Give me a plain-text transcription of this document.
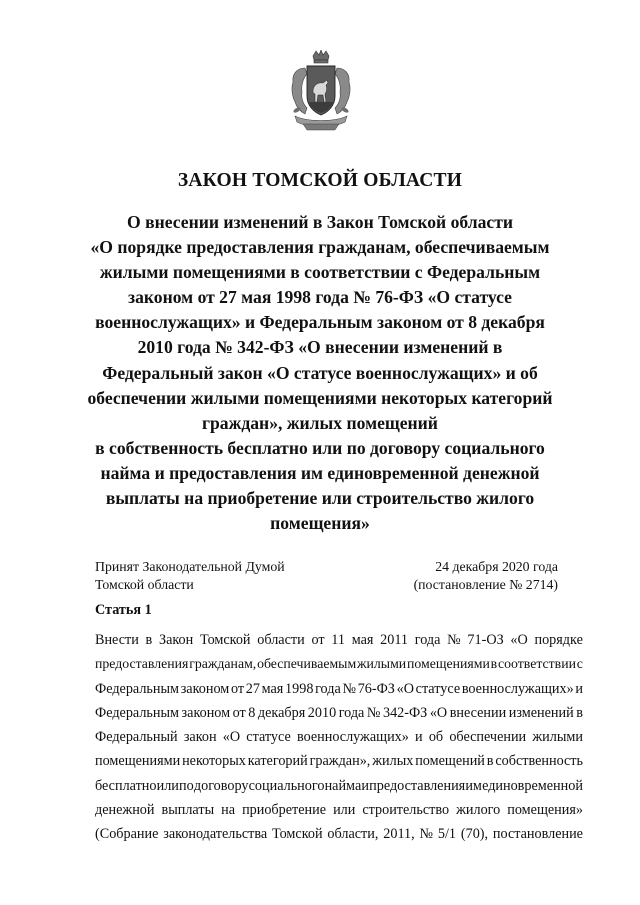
ЗАКОН ТОМСКОЙ ОБЛАСТИ
О внесении изменений в Закон Томской области
«О порядке предоставления гражданам, обеспечиваемым
жилыми помещениями в соответствии с Федеральным
законом от 27 мая 1998 года № 76-ФЗ «О статусе
военнослужащих» и Федеральным законом от 8 декабря
2010 года № 342-ФЗ «О внесении изменений в
Федеральный закон «О статусе военнослужащих» и об
обеспечении жилыми помещениями некоторых категорий
граждан», жилых помещений
в собственность бесплатно или по договору социального
найма и предоставления им единовременной денежной
выплаты на приобретение или строительство жилого
помещения»
Принят Законодательной Думой
Томской области
24 декабря 2020 года
(постановление № 2714)
Статья 1
Внести в Закон Томской области от 11 мая 2011 года № 71-ОЗ «О порядке
предоставления гражданам, обеспечиваемым жилыми помещениями в соответствии с
Федеральным законом от 27 мая 1998 года № 76-ФЗ «О статусе военнослужащих» и
Федеральным законом от 8 декабря 2010 года № 342-ФЗ «О внесении изменений в
Федеральный закон «О статусе военнослужащих» и об обеспечении жилыми
помещениями некоторых категорий граждан», жилых помещений в собственность
бесплатно или по договору социального найма и предоставления им единовременной
денежной выплаты на приобретение или строительство жилого помещения»
(Собрание законодательства Томской области, 2011, № 5/1 (70), постановление
